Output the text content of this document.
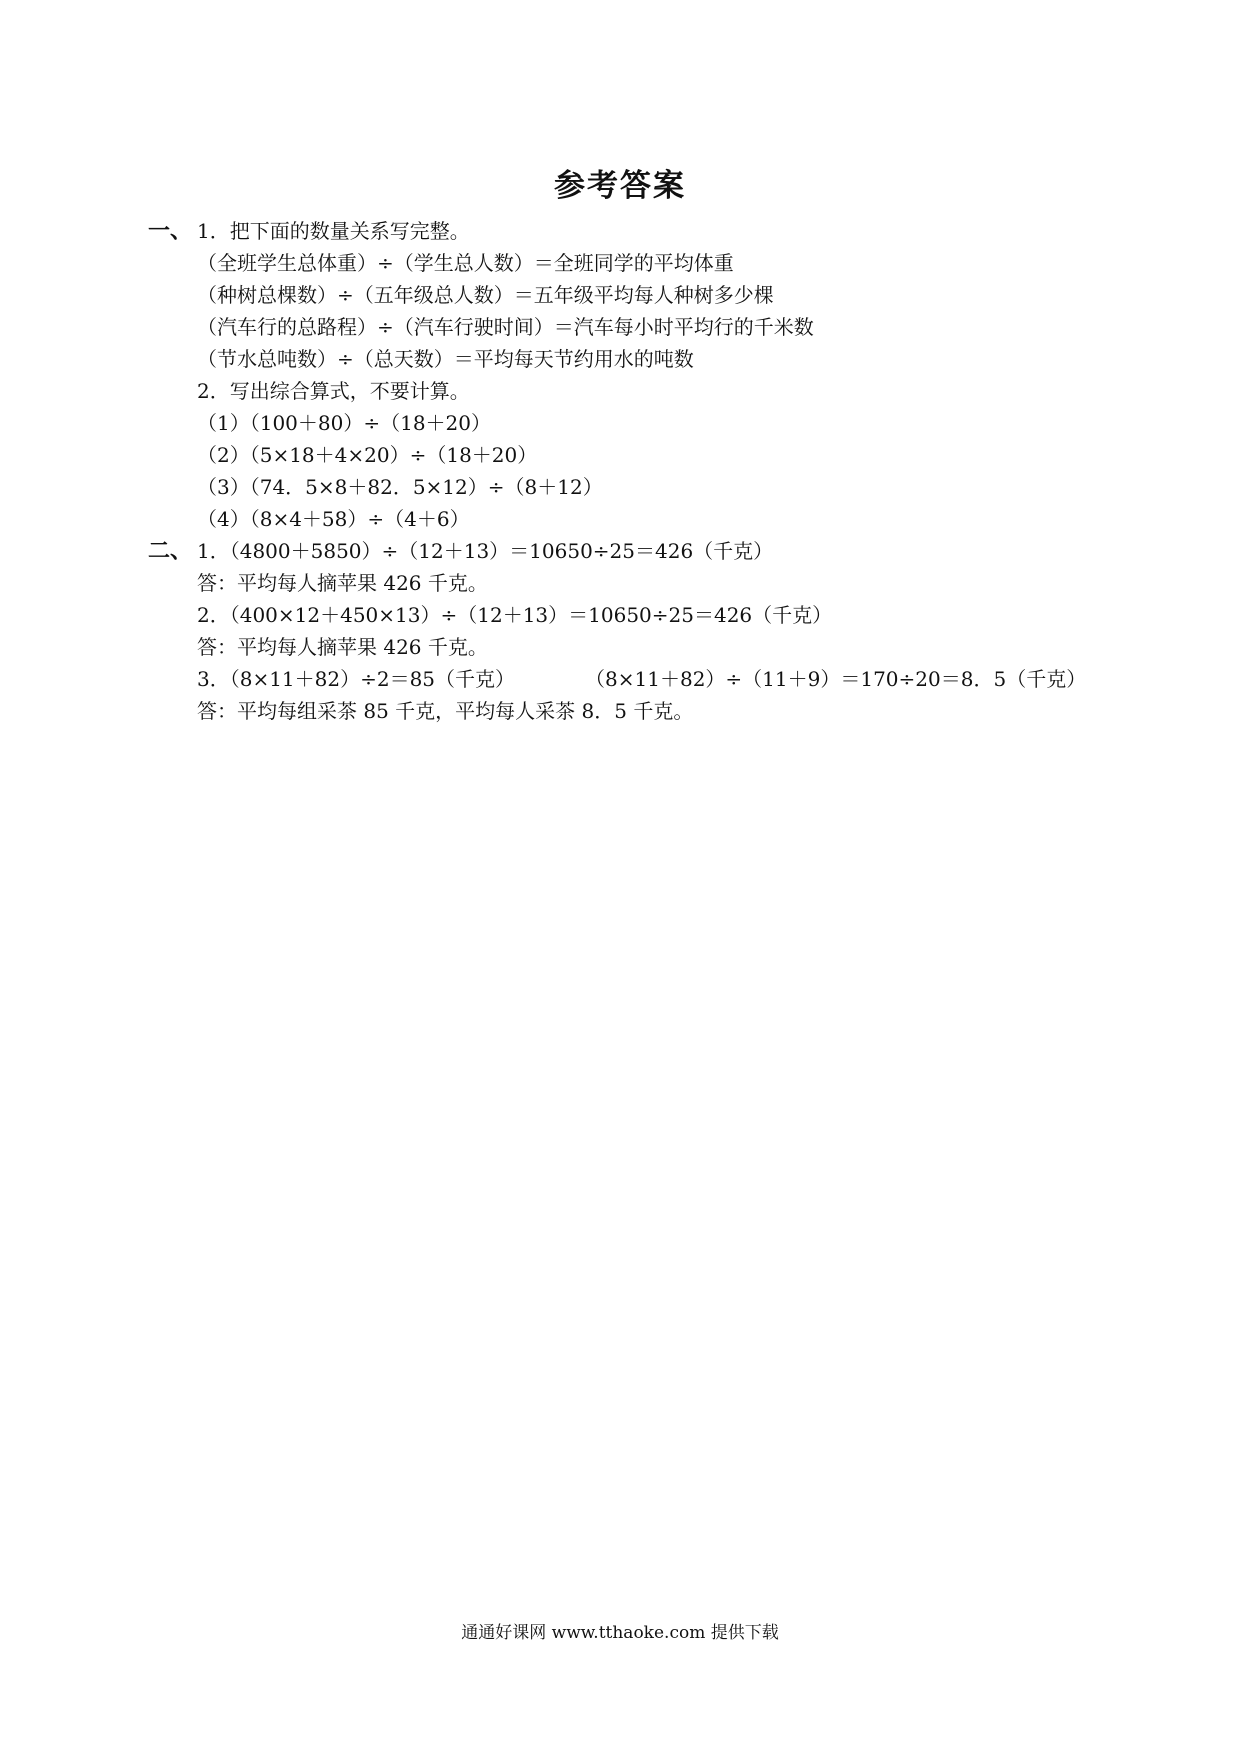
参考答案
一、 1．把下面的数量关系写完整。
（全班学生总体重）÷（学生总人数）＝全班同学的平均体重
（种树总棵数）÷（五年级总人数）＝五年级平均每人种树多少棵
（汽车行的总路程）÷（汽车行驶时间）＝汽车每小时平均行的千米数
（节水总吨数）÷（总天数）＝平均每天节约用水的吨数
2．写出综合算式，不要计算。
（1）（100＋80）÷（18＋20）
（2）（5×18＋4×20）÷（18＋20）
（3）（74．5×8＋82．5×12）÷（8＋12）
（4）（8×4＋58）÷（4＋6）
二、 1．（4800＋5850）÷（12＋13）＝10650÷25＝426（千克）
答：平均每人摘苹果 426 千克。
2．（400×12＋450×13）÷（12＋13）＝10650÷25＝426（千克）
答：平均每人摘苹果 426 千克。
3．（8×11＋82）÷2＝85（千克）	（8×11＋82）÷（11＋9）＝170÷20＝8．5（千克）
答：平均每组采茶 85 千克，平均每人采茶 8．5 千克。
通通好课网 www.tthaoke.com 提供下载
